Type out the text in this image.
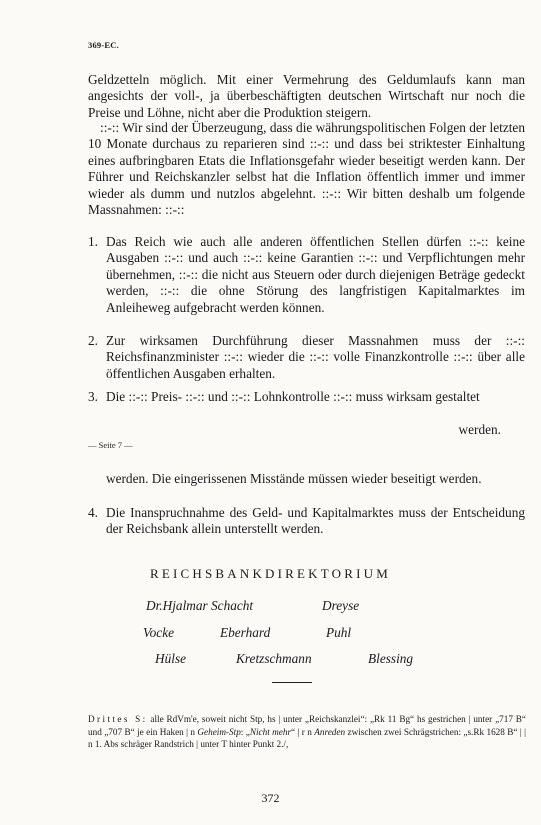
369-EC.

Geldzetteln möglich. Mit einer Vermehrung des Geldumlaufs kann man angesichts der voll-, ja überbeschäftigten deutschen Wirtschaft nur noch die Preise und Löhne, nicht aber die Produktion steigern.

::-:: Wir sind der Überzeugung, dass die währungspolitischen Folgen der letzten 10 Monate durchaus zu reparieren sind ::-:: und dass bei striktester Einhaltung eines aufbringbaren Etats die Inflationsgefahr wieder beseitigt werden kann. Der Führer und Reichskanzler selbst hat die Inflation öffentlich immer und immer wieder als dumm und nutzlos abgelehnt. ::-:: Wir bitten deshalb um folgende Massnahmen: ::-::

1. Das Reich wie auch alle anderen öffentlichen Stellen dürfen ::-:: keine Ausgaben ::-:: und auch ::-:: keine Garantien ::-:: und Verpflichtungen mehr übernehmen, ::-:: die nicht aus Steuern oder durch diejenigen Beträge gedeckt werden, ::-:: die ohne Störung des langfristigen Kapitalmarktes im Anleiheweg aufgebracht werden können.
2. Zur wirksamen Durchführung dieser Massnahmen muss der ::-:: Reichsfinanzminister ::-:: wieder die ::-:: volle Finanzkontrolle ::-:: über alle öffentlichen Ausgaben erhalten.
3. Die ::-:: Preis- ::-:: und ::-:: Lohnkontrolle ::-:: muss wirksam gestaltet
werden.
— Seite 7 —
werden. Die eingerissenen Misstände müssen wieder beseitigt werden.
4. Die Inanspruchnahme des Geld- und Kapitalmarktes muss der Entscheidung der Reichsbank allein unterstellt werden.
REICHSBANKDIREKTORIUM
Dr.Hjalmar Schacht	Dreyse
Vocke	Eberhard	Puhl
Hülse	Kretzschmann	Blessing

Drittes S: alle RdVm'e, soweit nicht Stp, hs | unter „Reichskanzlei“: „Rk 11 Bg“ hs gestrichen | unter „717 B“ und „707 B“ je ein Haken | n Geheim-Stp: „Nicht mehr“ | r n Anreden zwischen zwei Schrägstrichen: „s.Rk 1628 B“ | | n 1. Abs schräger Randstrich | unter T hinter Punkt 2./,

372
